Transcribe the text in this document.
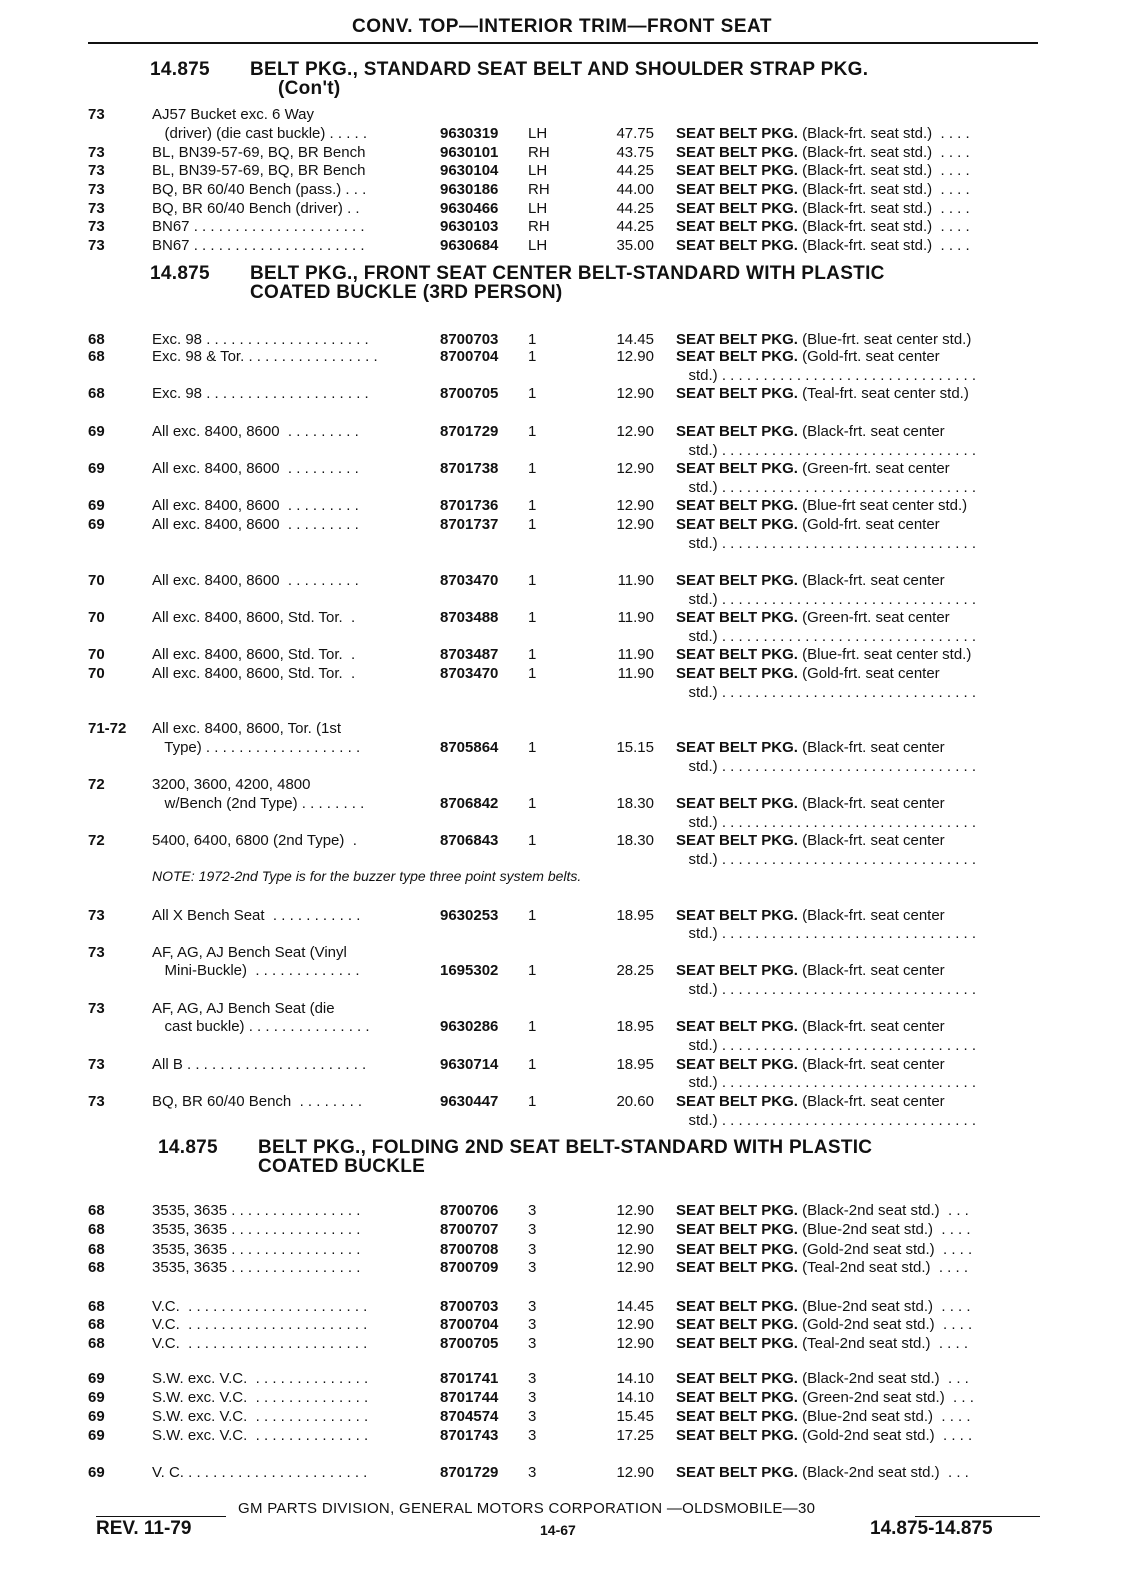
CONV. TOP—INTERIOR TRIM—FRONT SEAT
14.875 BELT PKG., STANDARD SEAT BELT AND SHOULDER STRAP PKG.
(Con't)
14.875 BELT PKG., FRONT SEAT CENTER BELT-STANDARD WITH PLASTIC
COATED BUCKLE (3RD PERSON)
14.875 BELT PKG., FOLDING 2ND SEAT BELT-STANDARD WITH PLASTIC
COATED BUCKLE
73	AJ57 Bucket exc. 6 Way
(driver) (die cast buckle) . . . . .	9630319 LH	47.75 SEAT BELT PKG. (Black-frt. seat std.)  . . . .
73	BL, BN39-57-69, BQ, BR Bench	9630101 RH	43.75 SEAT BELT PKG. (Black-frt. seat std.)  . . . .
73	BL, BN39-57-69, BQ, BR Bench	9630104 LH	44.25 SEAT BELT PKG. (Black-frt. seat std.)  . . . .
73	BQ, BR 60/40 Bench (pass.) . . .	9630186 RH	44.00 SEAT BELT PKG. (Black-frt. seat std.)  . . . .
73	BQ, BR 60/40 Bench (driver) . .	9630466 LH	44.25 SEAT BELT PKG. (Black-frt. seat std.)  . . . .
73	BN67 . . . . . . . . . . . . . . . . . . . . .	9630103 RH	44.25 SEAT BELT PKG. (Black-frt. seat std.)  . . . .
73	BN67 . . . . . . . . . . . . . . . . . . . . .	9630684 LH	35.00 SEAT BELT PKG. (Black-frt. seat std.)  . . . .
68	Exc. 98 . . . . . . . . . . . . . . . . . . . .	8700703 1	14.45 SEAT BELT PKG. (Blue-frt. seat center std.)
68	Exc. 98 & Tor. . . . . . . . . . . . . . . . .	8700704 1	12.90 SEAT BELT PKG. (Gold-frt. seat center
std.) . . . . . . . . . . . . . . . . . . . . . . . . . . . . . . .
68	Exc. 98 . . . . . . . . . . . . . . . . . . . .	8700705 1	12.90 SEAT BELT PKG. (Teal-frt. seat center std.)
69	All exc. 8400, 8600  . . . . . . . . .	8701729 1	12.90 SEAT BELT PKG. (Black-frt. seat center
std.) . . . . . . . . . . . . . . . . . . . . . . . . . . . . . . .
69	All exc. 8400, 8600  . . . . . . . . .	8701738 1	12.90 SEAT BELT PKG. (Green-frt. seat center
std.) . . . . . . . . . . . . . . . . . . . . . . . . . . . . . . .
69	All exc. 8400, 8600  . . . . . . . . .	8701736 1	12.90 SEAT BELT PKG. (Blue-frt seat center std.)
69	All exc. 8400, 8600  . . . . . . . . .	8701737 1	12.90 SEAT BELT PKG. (Gold-frt. seat center
std.) . . . . . . . . . . . . . . . . . . . . . . . . . . . . . . .
70	All exc. 8400, 8600  . . . . . . . . .	8703470 1	11.90 SEAT BELT PKG. (Black-frt. seat center
std.) . . . . . . . . . . . . . . . . . . . . . . . . . . . . . . .
70	All exc. 8400, 8600, Std. Tor.  .	8703488 1	11.90 SEAT BELT PKG. (Green-frt. seat center
std.) . . . . . . . . . . . . . . . . . . . . . . . . . . . . . . .
70	All exc. 8400, 8600, Std. Tor.  .	8703487 1	11.90 SEAT BELT PKG. (Blue-frt. seat center std.)
70	All exc. 8400, 8600, Std. Tor.  .	8703470 1	11.90 SEAT BELT PKG. (Gold-frt. seat center
std.) . . . . . . . . . . . . . . . . . . . . . . . . . . . . . . .
71-72	All exc. 8400, 8600, Tor. (1st
Type) . . . . . . . . . . . . . . . . . . .	8705864 1	15.15 SEAT BELT PKG. (Black-frt. seat center
std.) . . . . . . . . . . . . . . . . . . . . . . . . . . . . . . .
72	3200, 3600, 4200, 4800
w/Bench (2nd Type) . . . . . . . .	8706842 1	18.30 SEAT BELT PKG. (Black-frt. seat center
std.) . . . . . . . . . . . . . . . . . . . . . . . . . . . . . . .
72	5400, 6400, 6800 (2nd Type)  .	8706843 1	18.30 SEAT BELT PKG. (Black-frt. seat center
std.) . . . . . . . . . . . . . . . . . . . . . . . . . . . . . . .
73	All X Bench Seat  . . . . . . . . . . .	9630253 1	18.95 SEAT BELT PKG. (Black-frt. seat center
std.) . . . . . . . . . . . . . . . . . . . . . . . . . . . . . . .
73	AF, AG, AJ Bench Seat (Vinyl
Mini-Buckle)  . . . . . . . . . . . . .	1695302 1	28.25 SEAT BELT PKG. (Black-frt. seat center
std.) . . . . . . . . . . . . . . . . . . . . . . . . . . . . . . .
73	AF, AG, AJ Bench Seat (die
cast buckle) . . . . . . . . . . . . . . .	9630286 1	18.95 SEAT BELT PKG. (Black-frt. seat center
std.) . . . . . . . . . . . . . . . . . . . . . . . . . . . . . . .
73	All B . . . . . . . . . . . . . . . . . . . . . .	9630714 1	18.95 SEAT BELT PKG. (Black-frt. seat center
std.) . . . . . . . . . . . . . . . . . . . . . . . . . . . . . . .
73	BQ, BR 60/40 Bench  . . . . . . . .	9630447 1	20.60 SEAT BELT PKG. (Black-frt. seat center
std.) . . . . . . . . . . . . . . . . . . . . . . . . . . . . . . .
68	3535, 3635 . . . . . . . . . . . . . . . .	8700706 3	12.90 SEAT BELT PKG. (Black-2nd seat std.)  . . .
68	3535, 3635 . . . . . . . . . . . . . . . .	8700707 3	12.90 SEAT BELT PKG. (Blue-2nd seat std.)  . . . .
68	3535, 3635 . . . . . . . . . . . . . . . .	8700708 3	12.90 SEAT BELT PKG. (Gold-2nd seat std.)  . . . .
68	3535, 3635 . . . . . . . . . . . . . . . .	8700709 3	12.90 SEAT BELT PKG. (Teal-2nd seat std.)  . . . .
68	V.C.  . . . . . . . . . . . . . . . . . . . . . .	8700703 3	14.45 SEAT BELT PKG. (Blue-2nd seat std.)  . . . .
68	V.C.  . . . . . . . . . . . . . . . . . . . . . .	8700704 3	12.90 SEAT BELT PKG. (Gold-2nd seat std.)  . . . .
68	V.C.  . . . . . . . . . . . . . . . . . . . . . .	8700705 3	12.90 SEAT BELT PKG. (Teal-2nd seat std.)  . . . .
69	S.W. exc. V.C.  . . . . . . . . . . . . . .	8701741 3	14.10 SEAT BELT PKG. (Black-2nd seat std.)  . . .
69	S.W. exc. V.C.  . . . . . . . . . . . . . .	8701744 3	14.10 SEAT BELT PKG. (Green-2nd seat std.)  . . .
69	S.W. exc. V.C.  . . . . . . . . . . . . . .	8704574 3	15.45 SEAT BELT PKG. (Blue-2nd seat std.)  . . . .
69	S.W. exc. V.C.  . . . . . . . . . . . . . .	8701743 3	17.25 SEAT BELT PKG. (Gold-2nd seat std.)  . . . .
69	V. C. . . . . . . . . . . . . . . . . . . . . . .	8701729 3	12.90 SEAT BELT PKG. (Black-2nd seat std.)  . . .
NOTE: 1972-2nd Type is for the buzzer type three point system belts.
GM PARTS DIVISION, GENERAL MOTORS CORPORATION —OLDSMOBILE—30
REV. 11-79	14-67	14.875-14.875
